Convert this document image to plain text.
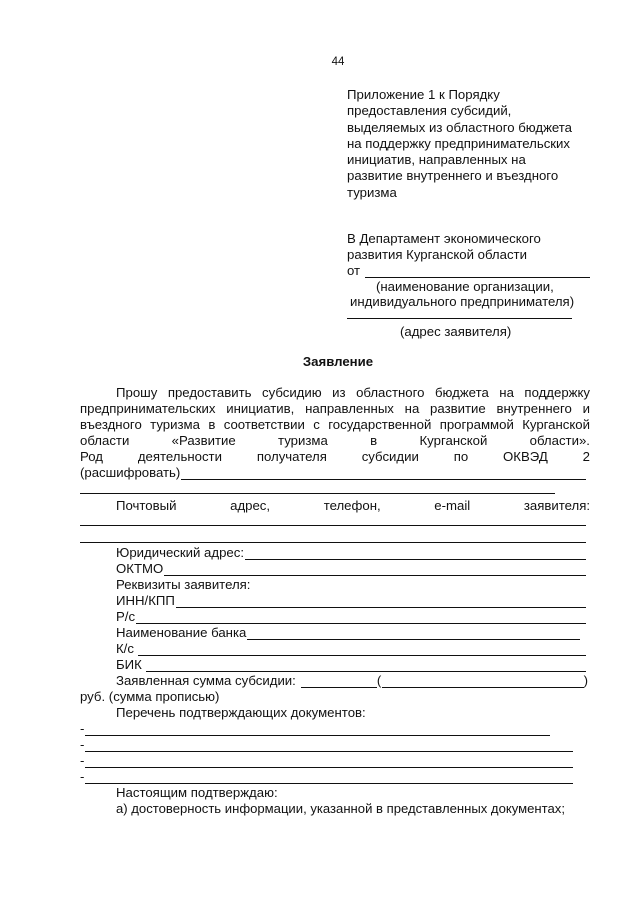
44
Приложение 1 к Порядку
предоставления субсидий,
выделяемых из областного бюджета
на поддержку предпринимательских
инициатив, направленных на
развитие внутреннего и въездного
туризма
В Департамент экономического
развития Курганской области
от
(наименование организации,
индивидуального предпринимателя)
(адрес заявителя)
Заявление
Прошу предоставить субсидию из областного бюджета на поддержку
предпринимательских инициатив, направленных на развитие внутреннего и
въездного туризма в соответствии с государственной программой Курганской
области	«Развитие	туризма	в	Курганской	области».
Род	деятельности	получателя	субсидии	по	ОКВЭД	2
(расшифровать)
Почтовый	адрес,	телефон,	e-mail	заявителя:
Юридический адрес:
ОКТМО
Реквизиты заявителя:
ИНН/КПП
Р/с
Наименование банка
К/с
БИК
Заявленная сумма субсидии:	(	)
руб. (сумма прописью)
Перечень подтверждающих документов:
-
-
-
-
Настоящим подтверждаю:
а) достоверность информации, указанной в представленных документах;
